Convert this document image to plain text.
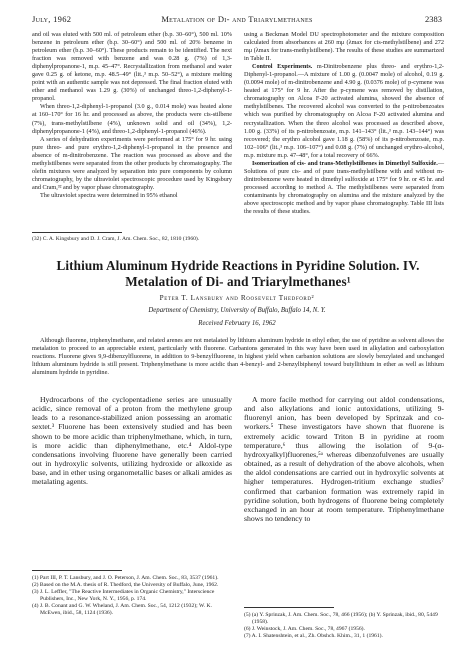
July, 1962	Metalation of Di- and Triarylmethanes	2383

and oil was eluted with 500 ml. of petroleum ether (b.p. 30–60°), 500 ml. 10% benzene in petroleum ether (b.p. 30–60°) and 500 ml. of 20% benzene in petroleum ether (b.p. 30–60°). These products remain to be identified. The next fraction was removed with benzene and was 0.28 g. (7%) of 1,3-diphenylpropanone-1, m.p. 45–47°. Recrystallization from methanol and water gave 0.25 g. of ketone, m.p. 48.5–49° (lit.,³ m.p. 50–52°), a mixture melting point with an authentic sample was not depressed. The final fraction eluted with ether and methanol was 1.29 g. (30%) of unchanged threo-1,2-diphenyl-1-propanol.

When threo-1,2-diphenyl-1-propanol (3.0 g., 0.014 mole) was heated alone at 160–170° for 16 hr. and processed as above, the products were cis-stilbene (7%), trans-methylstilbene (4%), unknown solid and oil (34%), 1,2-diphenylpropanone-1 (4%), and threo-1,2-diphenyl-1-propanol (46%).

A series of dehydration experiments were performed at 175° for 9 hr. using pure threo- and pure erythro-1,2-diphenyl-1-propanol in the presence and absence of m-dinitrobenzene. The reaction was processed as above and the methylstilbenes were separated from the other products by chromatography. The olefin mixtures were analyzed by separation into pure components by column chromatography, by the ultraviolet spectroscopic procedure used by Kingsbury and Cram,³² and by vapor phase chromatography.

The ultraviolet spectra were determined in 95% ethanol

using a Beckman Model DU spectrophotometer and the mixture composition calculated from absorbances at 260 mμ (λmax for cis-methylstilbene) and 272 mμ (λmax for trans-methylstilbene). The results of these studies are summarized in Table II.

Control Experiments. m-Dinitrobenzene plus threo- and erythro-1,2-Diphenyl-1-propanol.—A mixture of 1.00 g. (0.0047 mole) of alcohol, 0.19 g. (0.0094 mole) of m-dinitrobenzene and 4.90 g. (0.0376 mole) of p-cymene was heated at 175° for 9 hr. After the p-cymene was removed by distillation, chromatography on Alcoa F-20 activated alumina, showed the absence of methylstilbenes. The recovered alcohol was converted to the p-nitrobenzoates which was purified by chromatography on Alcoa F-20 activated alumina and recrystallization. When the threo alcohol was processed as described above, 1.00 g. (33%) of its p-nitrobenzoate, m.p. 141–143° (lit.,³ m.p. 143–144°) was recovered; the erythro alcohol gave 1.18 g. (58%) of its p-nitrobenzoate, m.p. 102–106° (lit.,³ m.p. 106–107°) and 0.08 g. (7%) of unchanged erythro-alcohol, m.p. mixture m.p. 47–48°, for a total recovery of 66%.

Isomerization of cis- and trans-Methylstilbenes in Dimethyl Sulfoxide.—Solutions of pure cis- and of pure trans-methylstilbene with and without m-dinitrobenzene were heated in dimethyl sulfoxide at 175° for 9 hr. or 45 hr. and processed according to method A. The methylstilbenes were separated from contaminants by chromatography on alumina and the mixture analyzed by the above spectroscopic method and by vapor phase chromatography. Table III lists the results of these studies.

(32) C. A. Kingsbury and D. J. Cram, J. Am. Chem. Soc., 82, 1810 (1960).

Lithium Aluminum Hydride Reactions in Pyridine Solution. IV. Metalation of Di- and Triarylmethanes¹
Peter T. Lansbury and Roosevelt Thedford²
Department of Chemistry, University of Buffalo, Buffalo 14, N. Y.
Received February 16, 1962
Although fluorene, triphenylmethane, and related arenes are not metalated by lithium aluminum hydride in ethyl ether, the use of pyridine as solvent allows the metalation to proceed to an appreciable extent, particularly with fluorene. Carbanions generated in this way have been used in alkylation and carboxylation reactions. Fluorene gives 9,9-dibenzylfluorene, in addition to 9-benzylfluorene, in highest yield when carbanion solutions are slowly benzylated and unchanged lithium aluminum hydride is still present. Triphenylmethane is more acidic than 4-benzyl- and 2-benzylbiphenyl toward butyllithium in ether as well as lithium aluminum hydride in pyridine.

Hydrocarbons of the cyclopentadiene series are unusually acidic, since removal of a proton from the methylene group leads to a resonance-stabilized anion possessing an aromatic sextet.³ Fluorene has been extensively studied and has been shown to be more acidic than triphenylmethane, which, in turn, is more acidic than diphenylmethane, etc.⁴ Aldol-type condensations involving fluorene have generally been carried out in hydroxylic solvents, utilizing hydroxide or alkoxide as base, and in ether using organometallic bases or alkali amides as metalating agents.

A more facile method for carrying out aldol condensations, and also alkylations and ionic autoxidations, utilizing 9-fluorenyl anion, has been developed by Sprinzak and co-workers.⁵ These investigators have shown that fluorene is extremely acidic toward Triton B in pyridine at room temperature,⁶ thus allowing the isolation of 9-(α-hydroxyalkyl)fluorenes,⁵ᵃ whereas dibenzofulvenes are usually obtained, as a result of dehydration of the above alcohols, when the aldol condensations are carried out in hydroxylic solvents at higher temperatures. Hydrogen-tritium exchange studies⁷ confirmed that carbanion formation was extremely rapid in pyridine solution, both hydrogens of fluorene being completely exchanged in an hour at room temperature. Triphenylmethane shows no tendency to

(1) Part III, P. T. Lansbury, and J. O. Peterson, J. Am. Chem. Soc., 83, 3537 (1961).

(2) Based on the M.A. thesis of R. Thedford, the University of Buffalo, June, 1962.

(3) J. L. Leffler, "The Reactive Intermediates in Organic Chemistry," Interscience Publishers, Inc., New York, N. Y., 1956, p. 174.

(4) J. B. Conant and G. W. Wheland, J. Am. Chem. Soc., 54, 1212 (1932); W. K. McEwen, ibid., 58, 1124 (1936).	(5) (a) Y. Sprinzak, J. Am. Chem. Soc., 78, 466 (1956); (b) Y. Sprinzak, ibid., 80, 5449 (1958).

(6) J. Weinstock, J. Am. Chem. Soc., 78, 4967 (1956).

(7) A. I. Shatenshtein, et al., Zh. Obshch. Khim., 31, 1 (1961).
